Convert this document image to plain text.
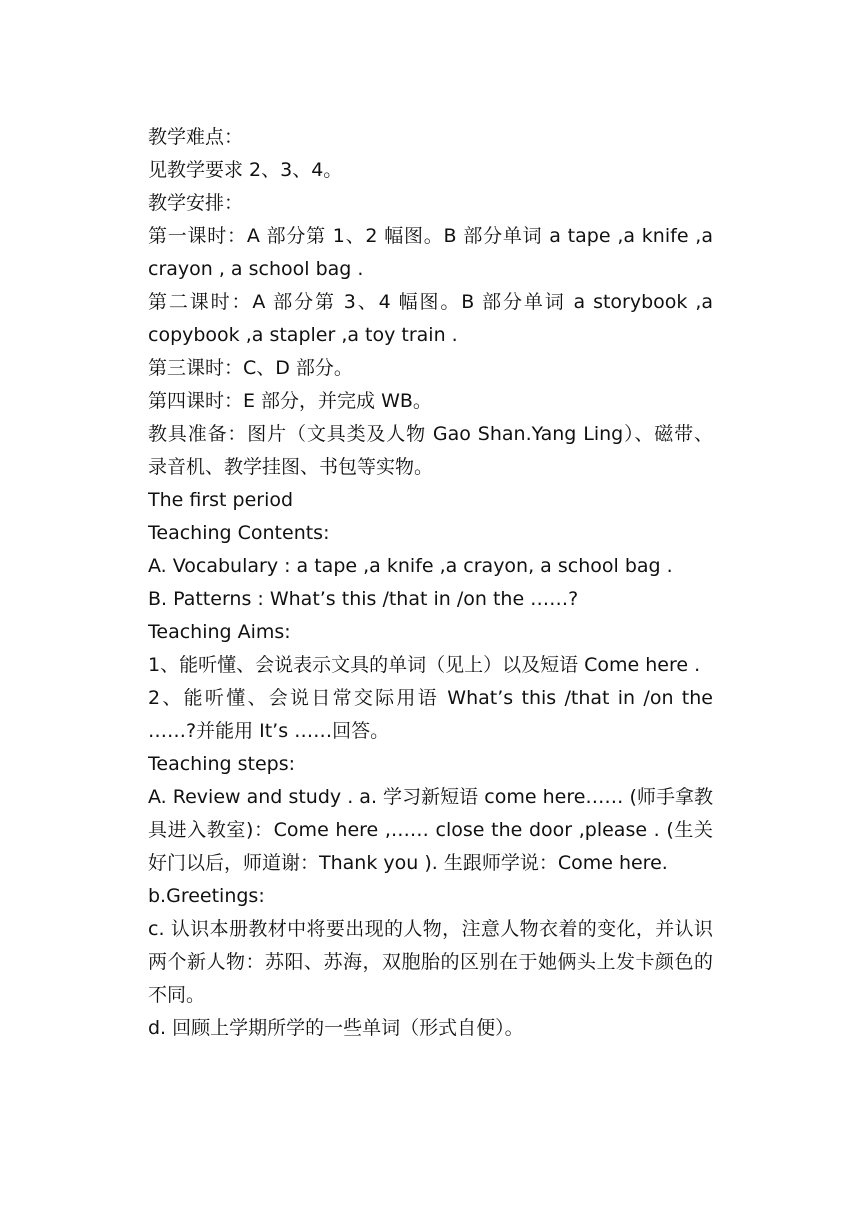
教学难点：

见教学要求 2、3、4。

教学安排：

第一课时：A 部分第 1、2 幅图。B 部分单词 a tape ,a knife ,a crayon , a school bag .

第二课时：A 部分第 3、4 幅图。B 部分单词 a storybook ,a copybook ,a stapler ,a toy train .

第三课时：C、D 部分。

第四课时：E 部分，并完成 WB。

教具准备：图片（文具类及人物 Gao Shan.Yang Ling）、磁带、录音机、教学挂图、书包等实物。

The first period

Teaching Contents:

A. Vocabulary : a tape ,a knife ,a crayon, a school bag .

B. Patterns : What’s this /that in /on the ……?

Teaching Aims:

1、能听懂、会说表示文具的单词（见上）以及短语 Come here .

2、能听懂、会说日常交际用语 What’s this /that in /on the ……?并能用 It’s ……回答。

Teaching steps:

A. Review and study . a. 学习新短语 come here…… (师手拿教具进入教室)：Come here ,…… close the door ,please . (生关好门以后，师道谢：Thank you ). 生跟师学说：Come here.

b.Greetings:

c. 认识本册教材中将要出现的人物，注意人物衣着的变化，并认识两个新人物：苏阳、苏海，双胞胎的区别在于她俩头上发卡颜色的不同。

d. 回顾上学期所学的一些单词（形式自便）。
